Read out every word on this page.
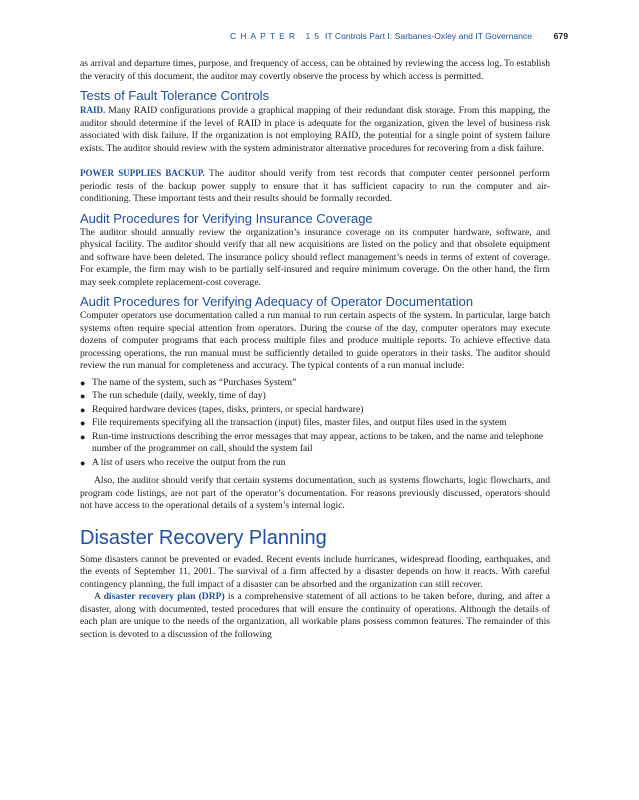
CHAPTER 15 IT Controls Part I: Sarbanes-Oxley and IT Governance	679

as arrival and departure times, purpose, and frequency of access, can be obtained by reviewing the access log. To establish the veracity of this document, the auditor may covertly observe the process by which access is permitted.

Tests of Fault Tolerance Controls

RAID. Many RAID configurations provide a graphical mapping of their redundant disk storage. From this mapping, the auditor should determine if the level of RAID in place is adequate for the organization, given the level of business risk associated with disk failure. If the organization is not employing RAID, the potential for a single point of system failure exists. The auditor should review with the system administrator alternative procedures for recovering from a disk failure.

POWER SUPPLIES BACKUP. The auditor should verify from test records that computer center personnel perform periodic tests of the backup power supply to ensure that it has sufficient capacity to run the computer and air-conditioning. These important tests and their results should be formally recorded.

Audit Procedures for Verifying Insurance Coverage

The auditor should annually review the organization’s insurance coverage on its computer hardware, software, and physical facility. The auditor should verify that all new acquisitions are listed on the policy and that obsolete equipment and software have been deleted. The insurance policy should reflect management’s needs in terms of extent of coverage. For example, the firm may wish to be partially self-insured and require minimum coverage. On the other hand, the firm may seek complete replacement-cost coverage.

Audit Procedures for Verifying Adequacy of Operator Documentation

Computer operators use documentation called a run manual to run certain aspects of the system. In particular, large batch systems often require special attention from operators. During the course of the day, computer operators may execute dozens of computer programs that each process multiple files and produce multiple reports. To achieve effective data processing operations, the run manual must be sufficiently detailed to guide operators in their tasks. The auditor should review the run manual for completeness and accuracy. The typical contents of a run manual include:

● The name of the system, such as “Purchases System”
● The run schedule (daily, weekly, time of day)
● Required hardware devices (tapes, disks, printers, or special hardware)
● File requirements specifying all the transaction (input) files, master files, and output files used in the system
● Run-time instructions describing the error messages that may appear, actions to be taken, and the name and telephone number of the programmer on call, should the system fail
● A list of users who receive the output from the run

Also, the auditor should verify that certain systems documentation, such as systems flowcharts, logic flowcharts, and program code listings, are not part of the operator’s documentation. For reasons previously discussed, operators should not have access to the operational details of a system’s internal logic.

Disaster Recovery Planning

Some disasters cannot be prevented or evaded. Recent events include hurricanes, widespread flooding, earthquakes, and the events of September 11, 2001. The survival of a firm affected by a disaster depends on how it reacts. With careful contingency planning, the full impact of a disaster can be absorbed and the organization can still recover.

A disaster recovery plan (DRP) is a comprehensive statement of all actions to be taken before, during, and after a disaster, along with documented, tested procedures that will ensure the continuity of operations. Although the details of each plan are unique to the needs of the organization, all workable plans possess common features. The remainder of this section is devoted to a discussion of the following
